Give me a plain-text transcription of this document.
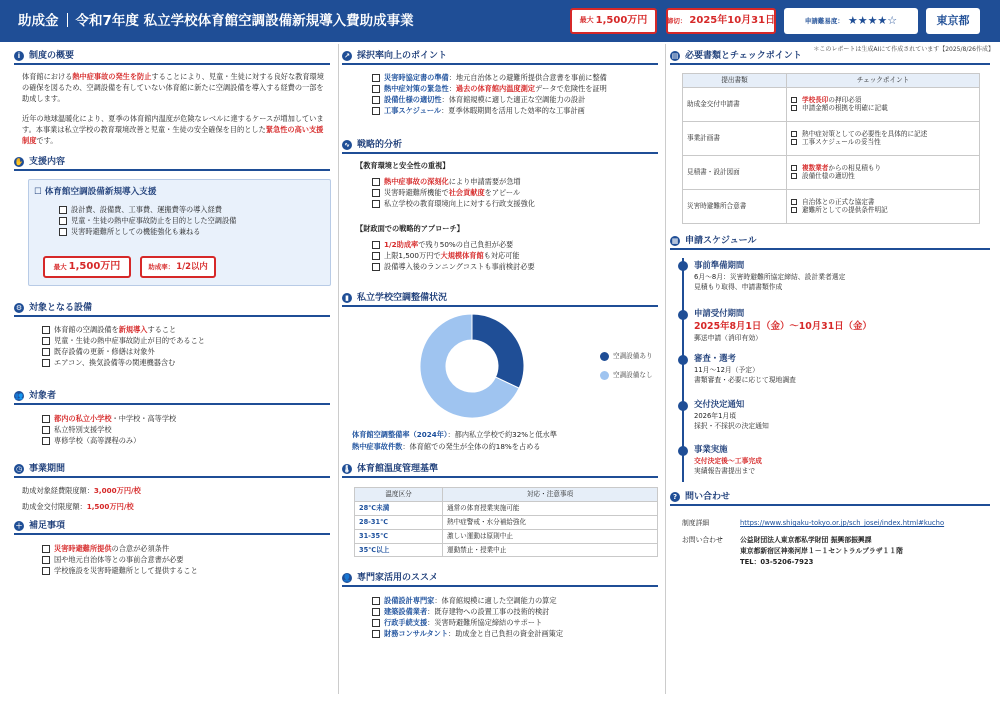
助成金 令和7年度 私立学校体育館空調設備新規導入費助成事業	最大 1,500万円	締切： 2025年10月31日	申請難易度： ★★★★☆	東京都
＊このレポートは生成AIにて作成されています【2025/8/26作成】
i 制度の概要
体育館における熱中症事故の発生を防止することにより、児童・生徒に対する良好な教育環境の確保を図るため、空調設備を有していない体育館に新たに空調設備を導入する経費の一部を助成します。
近年の地球温暖化により、夏季の体育館内温度が危険なレベルに達するケースが増加しています。本事業は私立学校の教育環境改善と児童・生徒の安全確保を目的とした緊急性の高い支援制度です。
✋ 支援内容
☐ 体育館空調設備新規導入支援
設計費、設備費、工事費、運搬費等の導入経費
児童・生徒の熱中症事故防止を目的とした空調設備
災害時避難所としての機能強化も兼ねる
最大 1,500万円	助成率： 1/2以内
⚙ 対象となる設備
体育館の空調設備を新規導入すること
児童・生徒の熱中症事故防止が目的であること
既存設備の更新・修繕は対象外
エアコン、換気設備等の関連機器含む
👥 対象者
都内の私立小学校・中学校・高等学校
私立特別支援学校
専修学校（高等課程のみ）
◷ 事業期間
助成対象経費限度額：3,000万円/校
助成金交付限度額：1,500万円/校
＋ 補足事項
災害時避難所提供の合意が必須条件
国や地元自治体等との事前合意書が必要
学校施設を災害時避難所として提供すること
↗ 採択率向上のポイント
災害時協定書の準備：地元自治体との避難所提供合意書を事前に整備
熱中症対策の緊急性：過去の体育館内温度測定データで危険性を証明
設備仕様の適切性：体育館規模に適した適正な空調能力の設計
工事スケジュール：夏季休暇期間を活用した効率的な工事計画
∿ 戦略的分析
【教育環境と安全性の重視】
熱中症事故の深刻化により申請需要が急増
災害時避難所機能で社会貢献度をアピール
私立学校の教育環境向上に対する行政支援強化
【財政面での戦略的アプローチ】
1/2助成率で残り50%の自己負担が必要
上限1,500万円で大規模体育館も対応可能
設備導入後のランニングコストも事前検討必要
▮ 私立学校空調整備状況
空調設備あり
空調設備なし
体育館空調整備率（2024年）：都内私立学校で約32%と低水準
熱中症事故件数：体育館での発生が全体の約18%を占める
🌡 体育館温度管理基準
温度区分	対応・注意事項
28℃未満	通常の体育授業実施可能
28-31℃	熱中症警戒・水分補給強化
31-35℃	激しい運動は原則中止
35℃以上	運動禁止・授業中止
👤 専門家活用のススメ
設備設計専門家：体育館規模に適した空調能力の算定
建築設備業者：既存建物への設置工事の技術的検討
行政手続支援：災害時避難所協定締結のサポート
財務コンサルタント：助成金と自己負担の資金計画策定
▤ 必要書類とチェックポイント
提出書類	チェックポイント
助成金交付申請書	学校長印の押印必須
申請金額の根拠を明確に記載

事業計画書	熱中症対策としての必要性を具体的に記述
工事スケジュールの妥当性

見積書・設計図面	複数業者からの相見積もり
設備仕様の適切性

災害時避難所合意書	自治体との正式な協定書
避難所としての提供条件明記
▦ 申請スケジュール
事前準備期間
6月～8月：災害時避難所協定締結、設計業者選定
見積もり取得、申請書類作成
申請受付期間
2025年8月1日（金）～10月31日（金）
郵送申請（消印有効）
審査・選考
11月～12月（予定）
書類審査・必要に応じて現地調査
交付決定通知
2026年1月頃
採択・不採択の決定通知
事業実施
交付決定後～工事完成
実績報告書提出まで
? 問い合わせ
制度詳細	https://www.shigaku-tokyo.or.jp/sch_josei/index.html#kucho
お問い合わせ	公益財団法人東京都私学財団 振興部振興課
東京都新宿区神楽河岸１－１セントラルプラザ１１階
TEL：03-5206-7923
